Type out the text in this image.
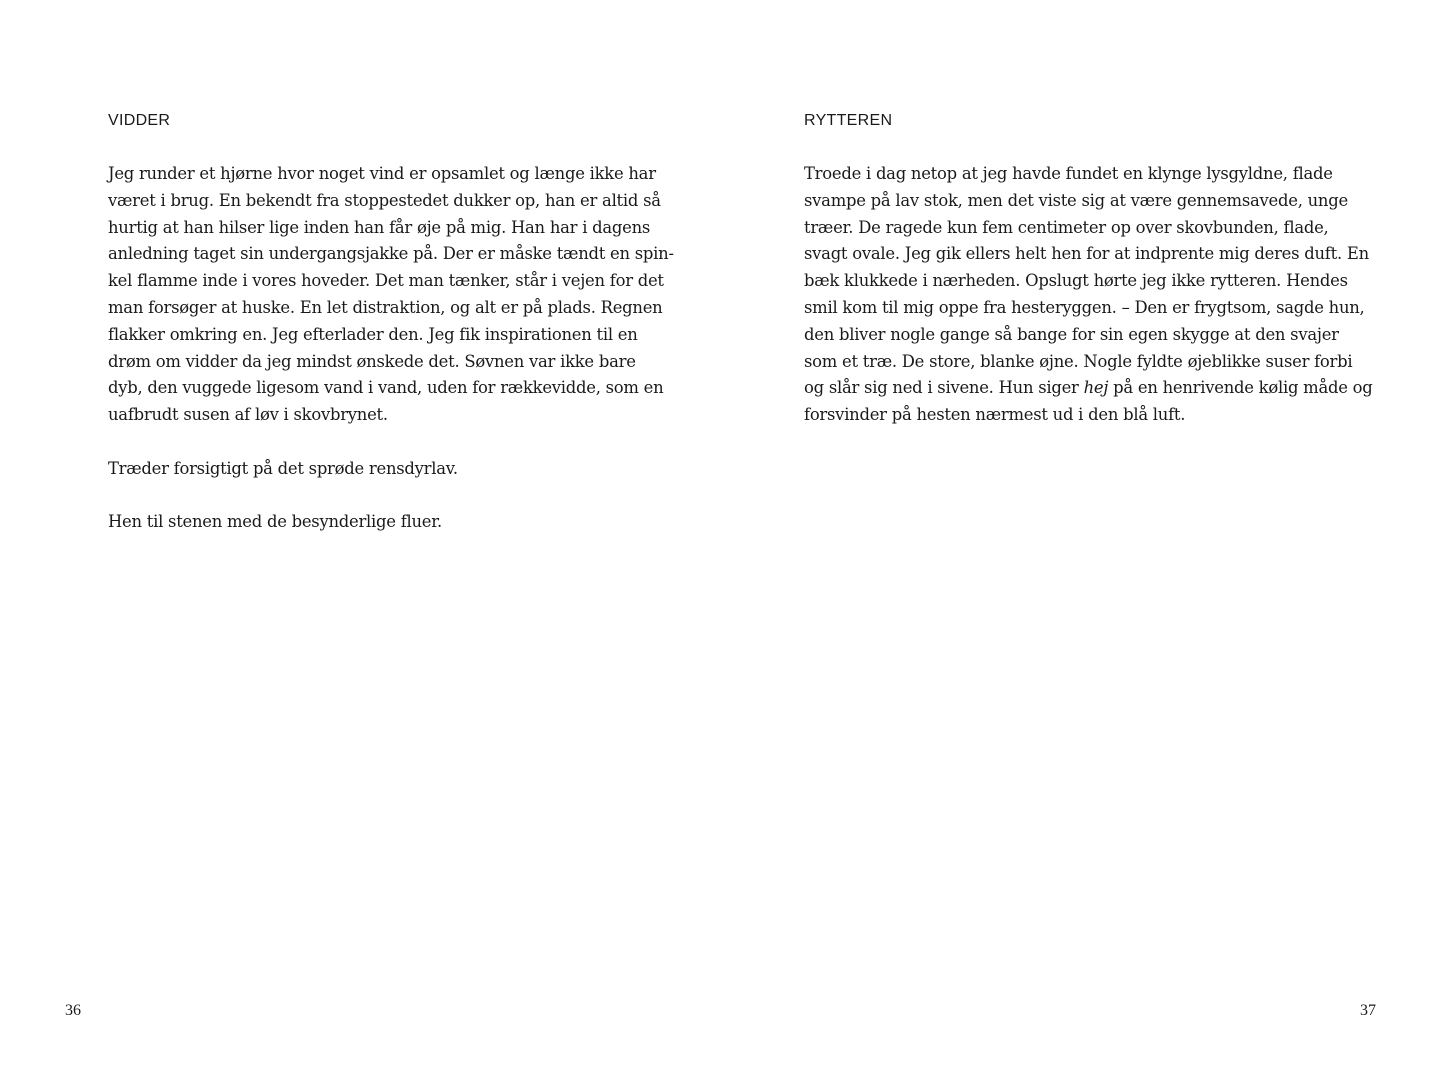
VIDDER
Jeg runder et hjørne hvor noget vind er opsamlet og længe ikke har
været i brug. En bekendt fra stoppestedet dukker op, han er altid så
hurtig at han hilser lige inden han får øje på mig. Han har i dagens
anledning taget sin undergangsjakke på. Der er måske tændt en spin-
kel flamme inde i vores hoveder. Det man tænker, står i vejen for det
man forsøger at huske. En let distraktion, og alt er på plads. Regnen
flakker omkring en. Jeg efterlader den. Jeg fik inspirationen til en
drøm om vidder da jeg mindst ønskede det. Søvnen var ikke bare
dyb, den vuggede ligesom vand i vand, uden for rækkevidde, som en
uafbrudt susen af løv i skovbrynet.
Træder forsigtigt på det sprøde rensdyrlav.
Hen til stenen med de besynderlige fluer.
36
RYTTEREN
Troede i dag netop at jeg havde fundet en klynge lysgyldne, flade
svampe på lav stok, men det viste sig at være gennemsavede, unge
træer. De ragede kun fem centimeter op over skovbunden, flade,
svagt ovale. Jeg gik ellers helt hen for at indprente mig deres duft. En
bæk klukkede i nærheden. Opslugt hørte jeg ikke rytteren. Hendes
smil kom til mig oppe fra hesteryggen. – Den er frygtsom, sagde hun,
den bliver nogle gange så bange for sin egen skygge at den svajer
som et træ. De store, blanke øjne. Nogle fyldte øjeblikke suser forbi
og slår sig ned i sivene. Hun siger hej på en henrivende kølig måde og
forsvinder på hesten nærmest ud i den blå luft.
37
